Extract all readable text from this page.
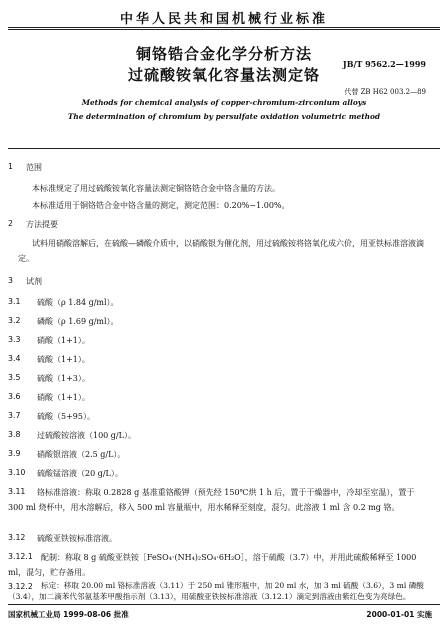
中华人民共和国机械行业标准
铜铬锆合金化学分析方法
过硫酸铵氧化容量法测定铬
JB/T 9562.2—1999
代替 ZB H62 003.2—89
Methods for chemical analysis of copper-chromium-zirconium alloys
The determination of chromium by persulfate oxidation volumetric method
1 范围
本标准规定了用过硫酸铵氧化容量法测定铜铬锆合金中铬含量的方法。
本标准适用于铜铬锆合金中铬含量的测定，测定范围：0.20%~1.00%。
2 方法提要
试料用硝酸溶解后，在硫酸—磷酸介质中，以硝酸银为催化剂，用过硫酸铵将铬氧化成六价，用亚铁标准溶液滴定。
3 试剂
3.1 硫酸（ρ 1.84 g/ml）。
3.2 磷酸（ρ 1.69 g/ml）。
3.3 硝酸（1+1）。
3.4 硫酸（1+1）。
3.5 硫酸（1+3）。
3.6 硝酸（1+1）。
3.7 硫酸（5+95）。
3.8 过硫酸铵溶液（100 g/L）。
3.9 硝酸银溶液（2.5 g/L）。
3.10 硫酸锰溶液（20 g/L）。
3.11	铬标准溶液：称取 0.2828 g 基准重铬酸钾（预先经 150℃烘 1 h 后，置于干燥器中，冷却至室温），置于 300 ml 烧杯中，用水溶解后，移入 500 ml 容量瓶中，用水稀释至刻度，混匀。此溶液 1 ml 含 0.2 mg 铬。
3.12 硫酸亚铁铵标准溶液。
3.12.1	配制：称取 8 g 硫酸亚铁铵［FeSO₄·(NH₄)₂SO₄·6H₂O］，溶于硫酸（3.7）中，并用此硫酸稀释至 1000 ml，混匀，贮存备用。
3.12.2	标定：移取 20.00 ml 铬标准溶液（3.11）于 250 ml 锥形瓶中，加 20 ml 水，加 3 ml 硫酸（3.6），3 ml 磷酸（3.4），加二滴苯代邻氨基苯甲酸指示剂（3.13），用硫酸亚铁铵标准溶液（3.12.1）滴定到溶液由紫红色变为亮绿色。
国家机械工业局 1999-08-06 批准	2000-01-01 实施
